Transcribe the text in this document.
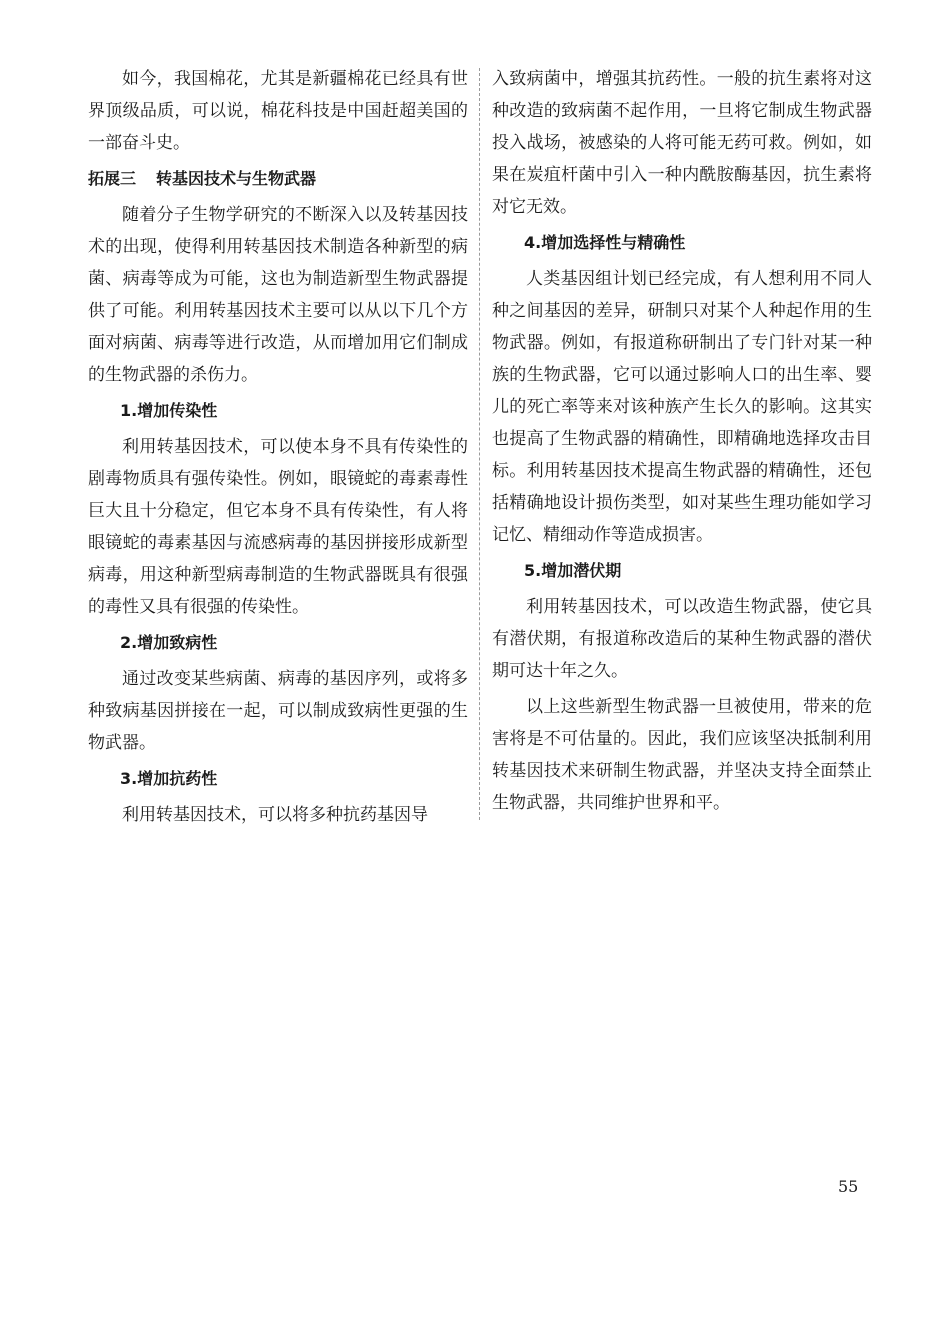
如今，我国棉花，尤其是新疆棉花已经具有世界顶级品质，可以说，棉花科技是中国赶超美国的一部奋斗史。

拓展三 转基因技术与生物武器

随着分子生物学研究的不断深入以及转基因技术的出现，使得利用转基因技术制造各种新型的病菌、病毒等成为可能，这也为制造新型生物武器提供了可能。利用转基因技术主要可以从以下几个方面对病菌、病毒等进行改造，从而增加用它们制成的生物武器的杀伤力。

1.增加传染性

利用转基因技术，可以使本身不具有传染性的剧毒物质具有强传染性。例如，眼镜蛇的毒素毒性巨大且十分稳定，但它本身不具有传染性，有人将眼镜蛇的毒素基因与流感病毒的基因拼接形成新型病毒，用这种新型病毒制造的生物武器既具有很强的毒性又具有很强的传染性。

2.增加致病性

通过改变某些病菌、病毒的基因序列，或将多种致病基因拼接在一起，可以制成致病性更强的生物武器。

3.增加抗药性

利用转基因技术，可以将多种抗药基因导

入致病菌中，增强其抗药性。一般的抗生素将对这种改造的致病菌不起作用，一旦将它制成生物武器投入战场，被感染的人将可能无药可救。例如，如果在炭疽杆菌中引入一种内酰胺酶基因，抗生素将对它无效。

4.增加选择性与精确性

人类基因组计划已经完成，有人想利用不同人种之间基因的差异，研制只对某个人种起作用的生物武器。例如，有报道称研制出了专门针对某一种族的生物武器，它可以通过影响人口的出生率、婴儿的死亡率等来对该种族产生长久的影响。这其实也提高了生物武器的精确性，即精确地选择攻击目标。利用转基因技术提高生物武器的精确性，还包括精确地设计损伤类型，如对某些生理功能如学习记忆、精细动作等造成损害。

5.增加潜伏期

利用转基因技术，可以改造生物武器，使它具有潜伏期，有报道称改造后的某种生物武器的潜伏期可达十年之久。

以上这些新型生物武器一旦被使用，带来的危害将是不可估量的。因此，我们应该坚决抵制利用转基因技术来研制生物武器，并坚决支持全面禁止生物武器，共同维护世界和平。

55
